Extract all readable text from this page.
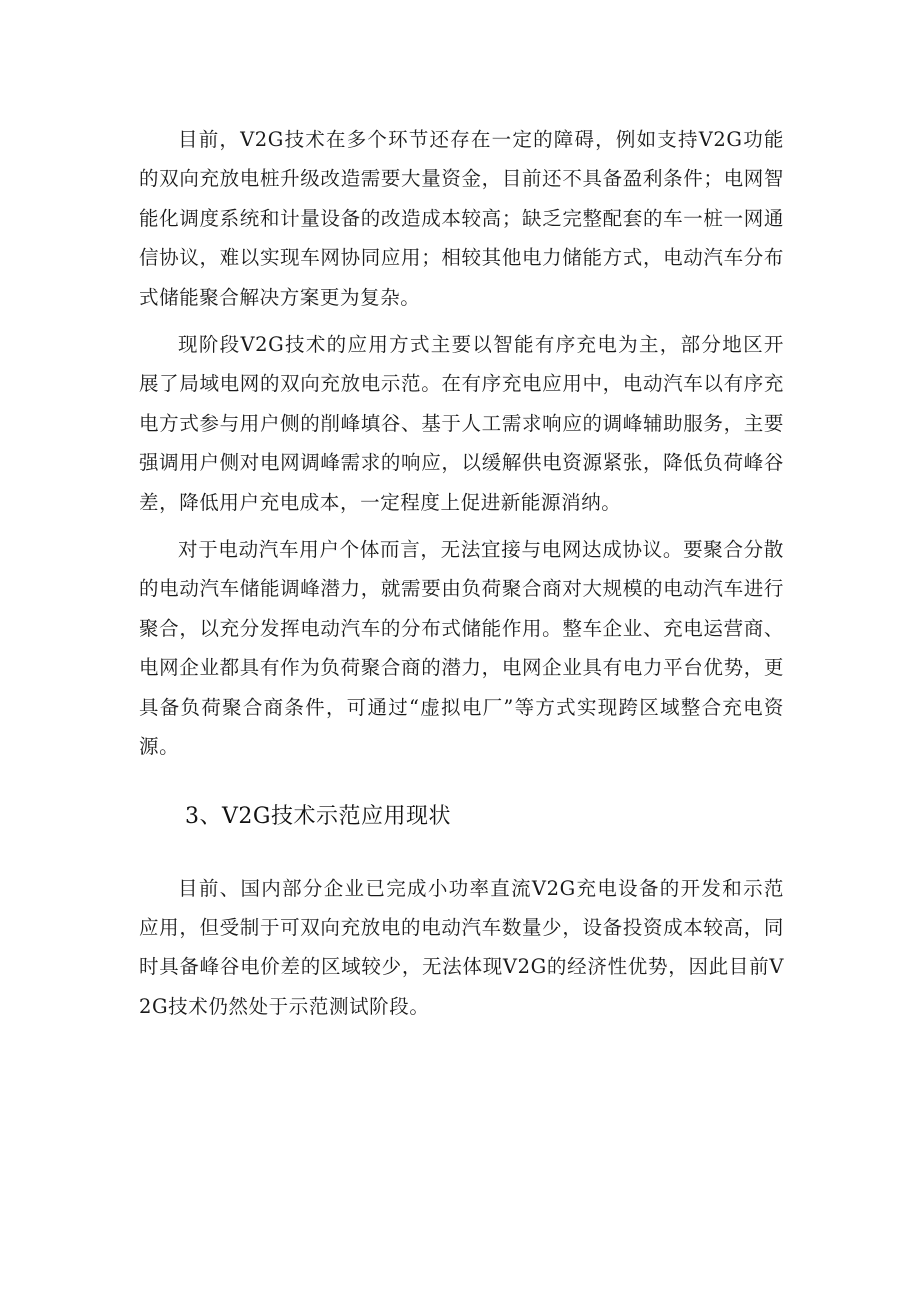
目前，V2G技术在多个环节还存在一定的障碍，例如支持V2G功能的双向充放电桩升级改造需要大量资金，目前还不具备盈利条件；电网智能化调度系统和计量设备的改造成本较高；缺乏完整配套的车一桩一网通信协议，难以实现车网协同应用；相较其他电力储能方式，电动汽车分布式储能聚合解决方案更为复杂。

现阶段V2G技术的应用方式主要以智能有序充电为主，部分地区开展了局域电网的双向充放电示范。在有序充电应用中，电动汽车以有序充电方式参与用户侧的削峰填谷、基于人工需求响应的调峰辅助服务，主要强调用户侧对电网调峰需求的响应，以缓解供电资源紧张，降低负荷峰谷差，降低用户充电成本，一定程度上促进新能源消纳。

对于电动汽车用户个体而言，无法宜接与电网达成协议。要聚合分散的电动汽车储能调峰潜力，就需要由负荷聚合商对大规模的电动汽车进行聚合，以充分发挥电动汽车的分布式储能作用。整车企业、充电运营商、电网企业都具有作为负荷聚合商的潜力，电网企业具有电力平台优势，更具备负荷聚合商条件，可通过“虚拟电厂”等方式实现跨区域整合充电资源。

3、V2G技术示范应用现状

目前、国内部分企业已完成小功率直流V2G充电设备的开发和示范应用，但受制于可双向充放电的电动汽车数量少，设备投资成本较高，同时具备峰谷电价差的区域较少，无法体现V2G的经济性优势，因此目前V2G技术仍然处于示范测试阶段。
